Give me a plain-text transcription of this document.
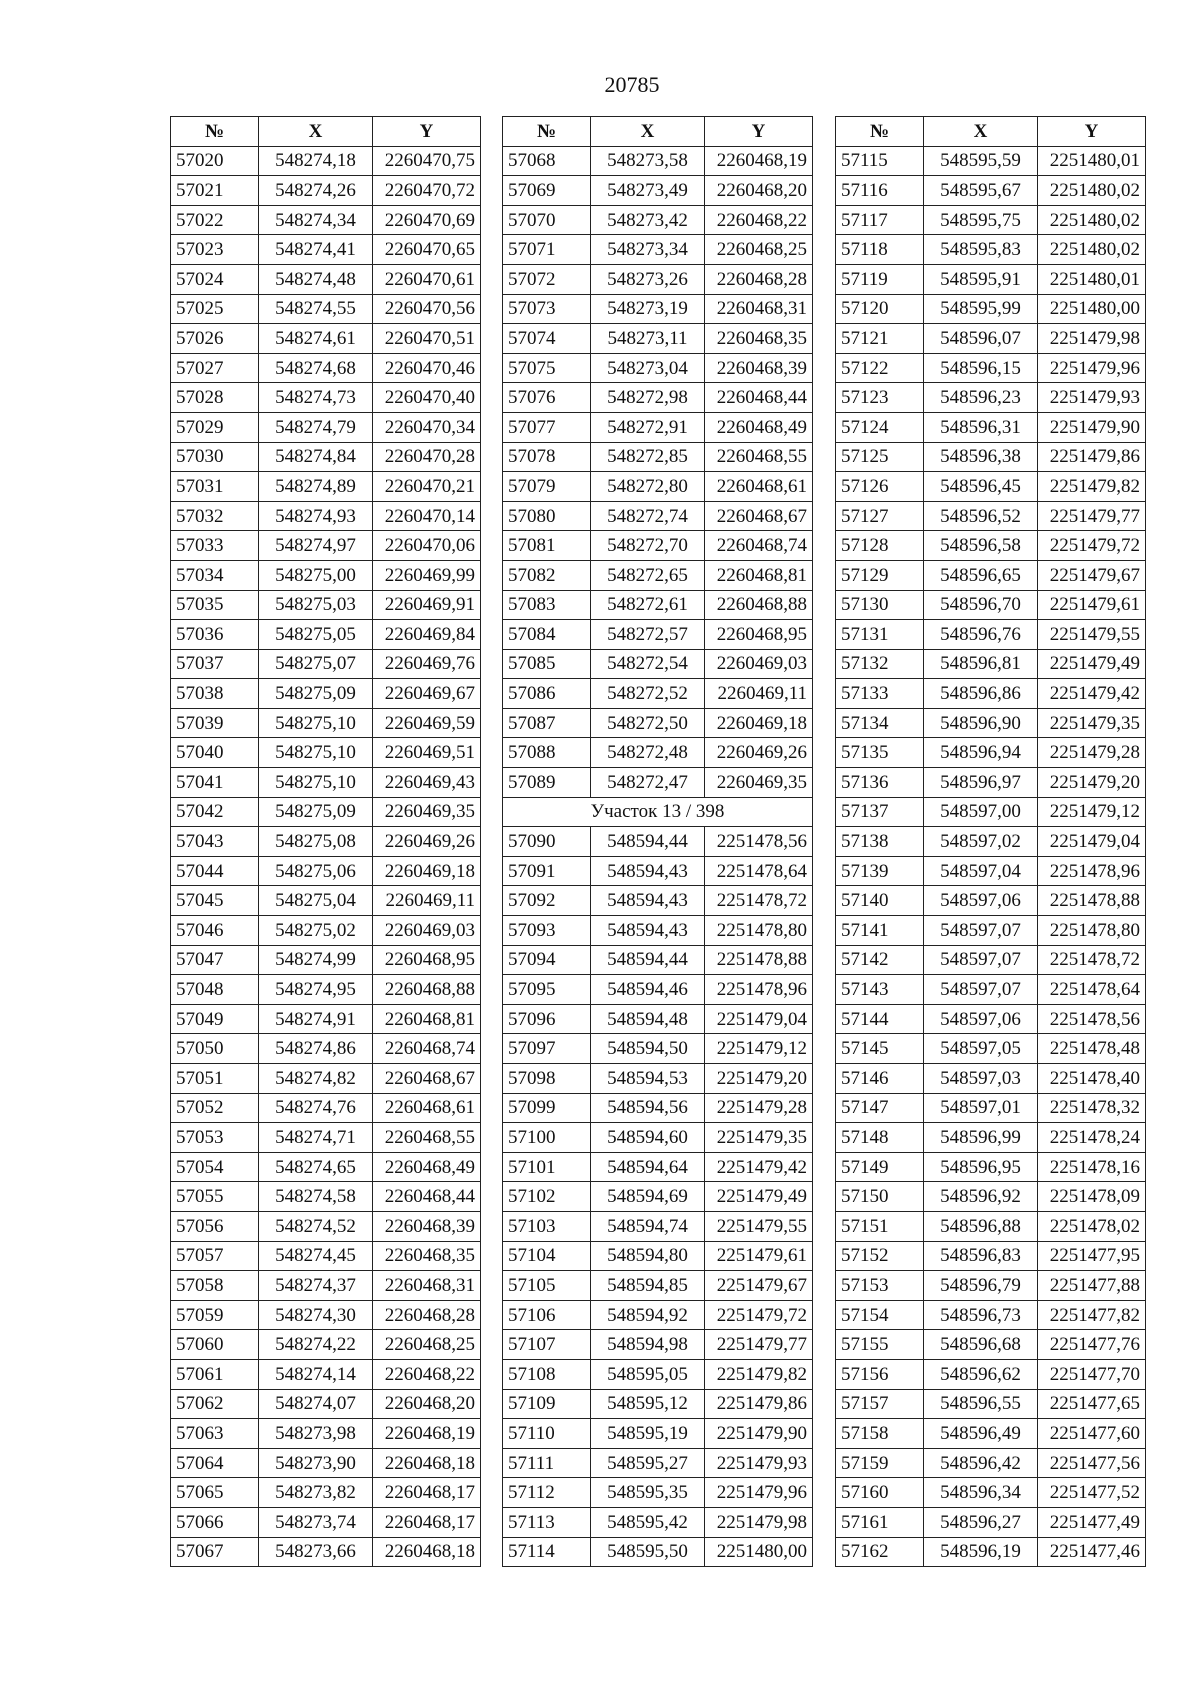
20785
№	X	Y
57020	548274,18	2260470,75
57021	548274,26	2260470,72
57022	548274,34	2260470,69
57023	548274,41	2260470,65
57024	548274,48	2260470,61
57025	548274,55	2260470,56
57026	548274,61	2260470,51
57027	548274,68	2260470,46
57028	548274,73	2260470,40
57029	548274,79	2260470,34
57030	548274,84	2260470,28
57031	548274,89	2260470,21
57032	548274,93	2260470,14
57033	548274,97	2260470,06
57034	548275,00	2260469,99
57035	548275,03	2260469,91
57036	548275,05	2260469,84
57037	548275,07	2260469,76
57038	548275,09	2260469,67
57039	548275,10	2260469,59
57040	548275,10	2260469,51
57041	548275,10	2260469,43
57042	548275,09	2260469,35
57043	548275,08	2260469,26
57044	548275,06	2260469,18
57045	548275,04	2260469,11
57046	548275,02	2260469,03
57047	548274,99	2260468,95
57048	548274,95	2260468,88
57049	548274,91	2260468,81
57050	548274,86	2260468,74
57051	548274,82	2260468,67
57052	548274,76	2260468,61
57053	548274,71	2260468,55
57054	548274,65	2260468,49
57055	548274,58	2260468,44
57056	548274,52	2260468,39
57057	548274,45	2260468,35
57058	548274,37	2260468,31
57059	548274,30	2260468,28
57060	548274,22	2260468,25
57061	548274,14	2260468,22
57062	548274,07	2260468,20
57063	548273,98	2260468,19
57064	548273,90	2260468,18
57065	548273,82	2260468,17
57066	548273,74	2260468,17
57067	548273,66	2260468,18
№	X	Y
57068	548273,58	2260468,19
57069	548273,49	2260468,20
57070	548273,42	2260468,22
57071	548273,34	2260468,25
57072	548273,26	2260468,28
57073	548273,19	2260468,31
57074	548273,11	2260468,35
57075	548273,04	2260468,39
57076	548272,98	2260468,44
57077	548272,91	2260468,49
57078	548272,85	2260468,55
57079	548272,80	2260468,61
57080	548272,74	2260468,67
57081	548272,70	2260468,74
57082	548272,65	2260468,81
57083	548272,61	2260468,88
57084	548272,57	2260468,95
57085	548272,54	2260469,03
57086	548272,52	2260469,11
57087	548272,50	2260469,18
57088	548272,48	2260469,26
57089	548272,47	2260469,35
Участок 13 / 398		
57090	548594,44	2251478,56
57091	548594,43	2251478,64
57092	548594,43	2251478,72
57093	548594,43	2251478,80
57094	548594,44	2251478,88
57095	548594,46	2251478,96
57096	548594,48	2251479,04
57097	548594,50	2251479,12
57098	548594,53	2251479,20
57099	548594,56	2251479,28
57100	548594,60	2251479,35
57101	548594,64	2251479,42
57102	548594,69	2251479,49
57103	548594,74	2251479,55
57104	548594,80	2251479,61
57105	548594,85	2251479,67
57106	548594,92	2251479,72
57107	548594,98	2251479,77
57108	548595,05	2251479,82
57109	548595,12	2251479,86
57110	548595,19	2251479,90
57111	548595,27	2251479,93
57112	548595,35	2251479,96
57113	548595,42	2251479,98
57114	548595,50	2251480,00
№	X	Y
57115	548595,59	2251480,01
57116	548595,67	2251480,02
57117	548595,75	2251480,02
57118	548595,83	2251480,02
57119	548595,91	2251480,01
57120	548595,99	2251480,00
57121	548596,07	2251479,98
57122	548596,15	2251479,96
57123	548596,23	2251479,93
57124	548596,31	2251479,90
57125	548596,38	2251479,86
57126	548596,45	2251479,82
57127	548596,52	2251479,77
57128	548596,58	2251479,72
57129	548596,65	2251479,67
57130	548596,70	2251479,61
57131	548596,76	2251479,55
57132	548596,81	2251479,49
57133	548596,86	2251479,42
57134	548596,90	2251479,35
57135	548596,94	2251479,28
57136	548596,97	2251479,20
57137	548597,00	2251479,12
57138	548597,02	2251479,04
57139	548597,04	2251478,96
57140	548597,06	2251478,88
57141	548597,07	2251478,80
57142	548597,07	2251478,72
57143	548597,07	2251478,64
57144	548597,06	2251478,56
57145	548597,05	2251478,48
57146	548597,03	2251478,40
57147	548597,01	2251478,32
57148	548596,99	2251478,24
57149	548596,95	2251478,16
57150	548596,92	2251478,09
57151	548596,88	2251478,02
57152	548596,83	2251477,95
57153	548596,79	2251477,88
57154	548596,73	2251477,82
57155	548596,68	2251477,76
57156	548596,62	2251477,70
57157	548596,55	2251477,65
57158	548596,49	2251477,60
57159	548596,42	2251477,56
57160	548596,34	2251477,52
57161	548596,27	2251477,49
57162	548596,19	2251477,46
